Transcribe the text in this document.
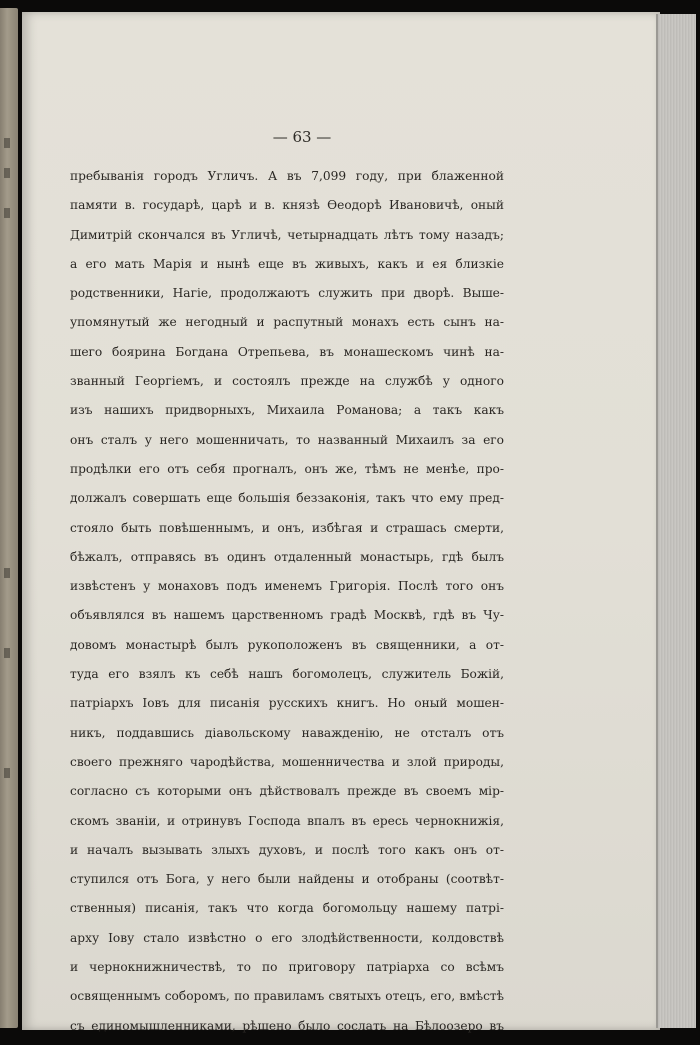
— 63 —
пребыванія городъ Угличъ. А въ 7,099 году, при блаженной
памяти в. государѣ, царѣ и в. князѣ Ѳеодорѣ Ивановичѣ, оный
Димитрій скончался въ Угличѣ, четырнадцать лѣтъ тому назадъ;
а его мать Марія и нынѣ еще въ живыхъ, какъ и ея близкіе
родственники, Нагіе, продолжаютъ служить при дворѣ. Выше-
упомянутый же негодный и распутный монахъ есть сынъ на-
шего боярина Богдана Отрепьева, въ монашескомъ чинѣ на-
званный Георгіемъ, и состоялъ прежде на службѣ у одного
изъ нашихъ придворныхъ, Михаила Романова; а такъ какъ
онъ сталъ у него мошенничать, то названный Михаилъ за его
продѣлки его отъ себя прогналъ, онъ же, тѣмъ не менѣе, про-
должалъ совершать еще большія беззаконія, такъ что ему пред-
стояло быть повѣшеннымъ, и онъ, избѣгая и страшась смерти,
бѣжалъ, отправясь въ одинъ отдаленный монастырь, гдѣ былъ
извѣстенъ у монаховъ подъ именемъ Григорія. Послѣ того онъ
объявлялся въ нашемъ царственномъ градѣ Москвѣ, гдѣ въ Чу-
довомъ монастырѣ былъ рукоположенъ въ священники, а от-
туда его взялъ къ себѣ нашъ богомолецъ, служитель Божій,
патріархъ Іовъ для писанія русскихъ книгъ. Но оный мошен-
никъ, поддавшись діавольскому наважденію, не отсталъ отъ
своего прежняго чародѣйства, мошенничества и злой природы,
согласно съ которыми онъ дѣйствовалъ прежде въ своемъ мір-
скомъ званіи, и отринувъ Господа впалъ въ ересь чернокнижія,
и началъ вызывать злыхъ духовъ, и послѣ того какъ онъ от-
ступился отъ Бога, у него были найдены и отобраны (соотвѣт-
ственныя) писанія, такъ что когда богомольцу нашему патрі-
арху Іову стало извѣстно о его злодѣйственности, колдовствѣ
и чернокнижничествѣ, то по приговору патріарха со всѣмъ
освященнымъ соборомъ, по правиламъ святыхъ отецъ, его, вмѣстѣ
съ единомышленниками, рѣшено было сослать на Бѣлоозеро въ
